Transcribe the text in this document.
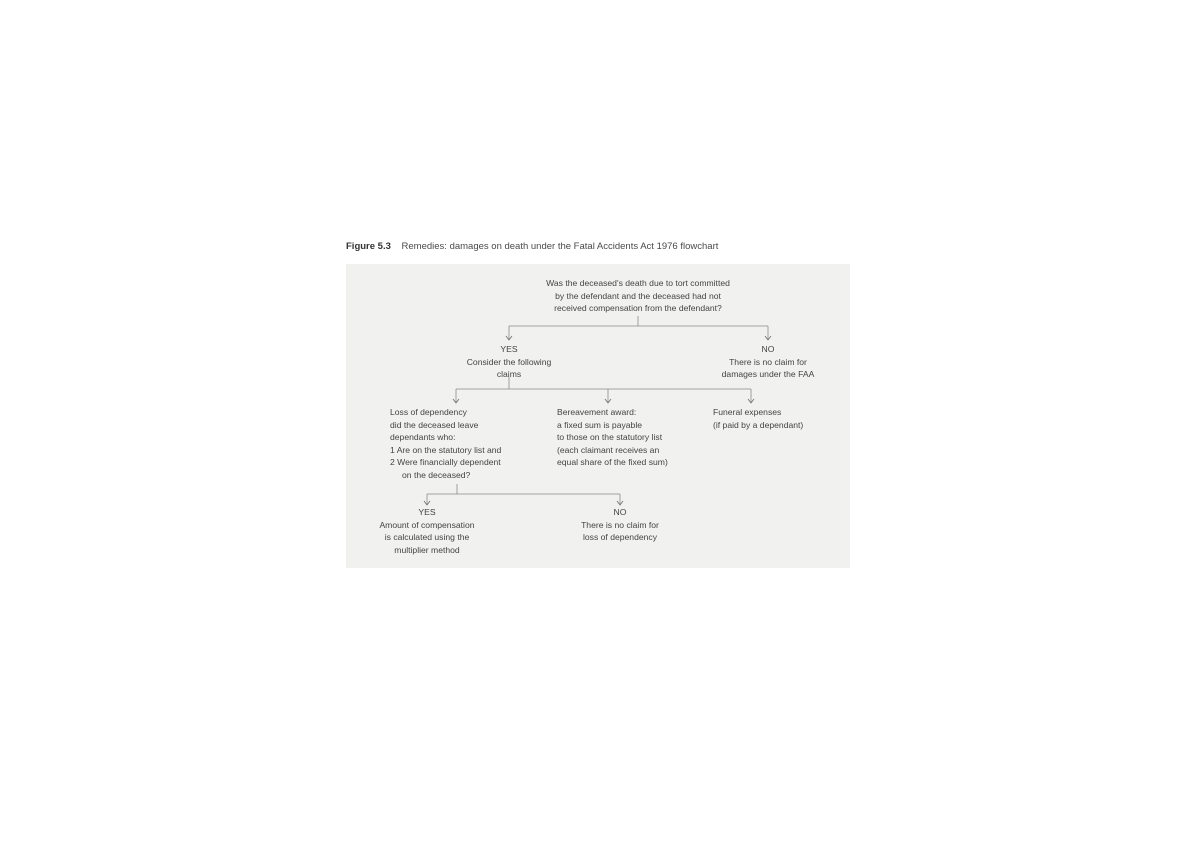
Figure 5.3 Remedies: damages on death under the Fatal Accidents Act 1976 flowchart
Was the deceased's death due to tort committed
by the defendant and the deceased had not
received compensation from the defendant?
YES
Consider the following
claims
NO
There is no claim for
damages under the FAA
Loss of dependency
did the deceased leave
dependants who:
1 Are on the statutory list and
2 Were financially dependent
on the deceased?
Bereavement award:
a fixed sum is payable
to those on the statutory list
(each claimant receives an
equal share of the fixed sum)
Funeral expenses
(if paid by a dependant)
YES
Amount of compensation
is calculated using the
multiplier method
NO
There is no claim for
loss of dependency
